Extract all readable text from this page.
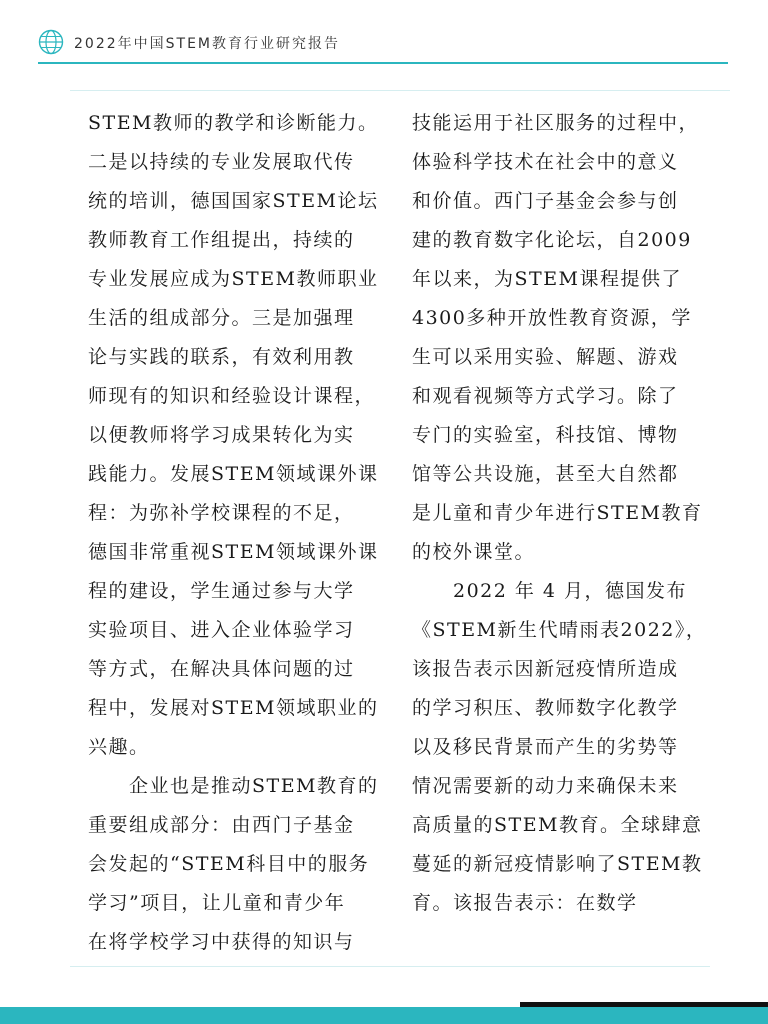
2022年中国STEM教育行业研究报告
STEM教师的教学和诊断能力。
二是以持续的专业发展取代传
统的培训，德国国家STEM论坛
教师教育工作组提出，持续的
专业发展应成为STEM教师职业
生活的组成部分。三是加强理
论与实践的联系，有效利用教
师现有的知识和经验设计课程，
以便教师将学习成果转化为实
践能力。发展STEM领域课外课
程：为弥补学校课程的不足，
德国非常重视STEM领域课外课
程的建设，学生通过参与大学
实验项目、进入企业体验学习
等方式，在解决具体问题的过
程中，发展对STEM领域职业的
兴趣。
　　企业也是推动STEM教育的
重要组成部分：由西门子基金
会发起的“STEM科目中的服务
学习”项目，让儿童和青少年
在将学校学习中获得的知识与
技能运用于社区服务的过程中，
体验科学技术在社会中的意义
和价值。西门子基金会参与创
建的教育数字化论坛，自2009
年以来，为STEM课程提供了
4300多种开放性教育资源，学
生可以采用实验、解题、游戏
和观看视频等方式学习。除了
专门的实验室，科技馆、博物
馆等公共设施，甚至大自然都
是儿童和青少年进行STEM教育
的校外课堂。
　　2022 年 4 月，德国发布
《STEM新生代晴雨表2022》，
该报告表示因新冠疫情所造成
的学习积压、教师数字化教学
以及移民背景而产生的劣势等
情况需要新的动力来确保未来
高质量的STEM教育。全球肆意
蔓延的新冠疫情影响了STEM教
育。该报告表示：在数学
